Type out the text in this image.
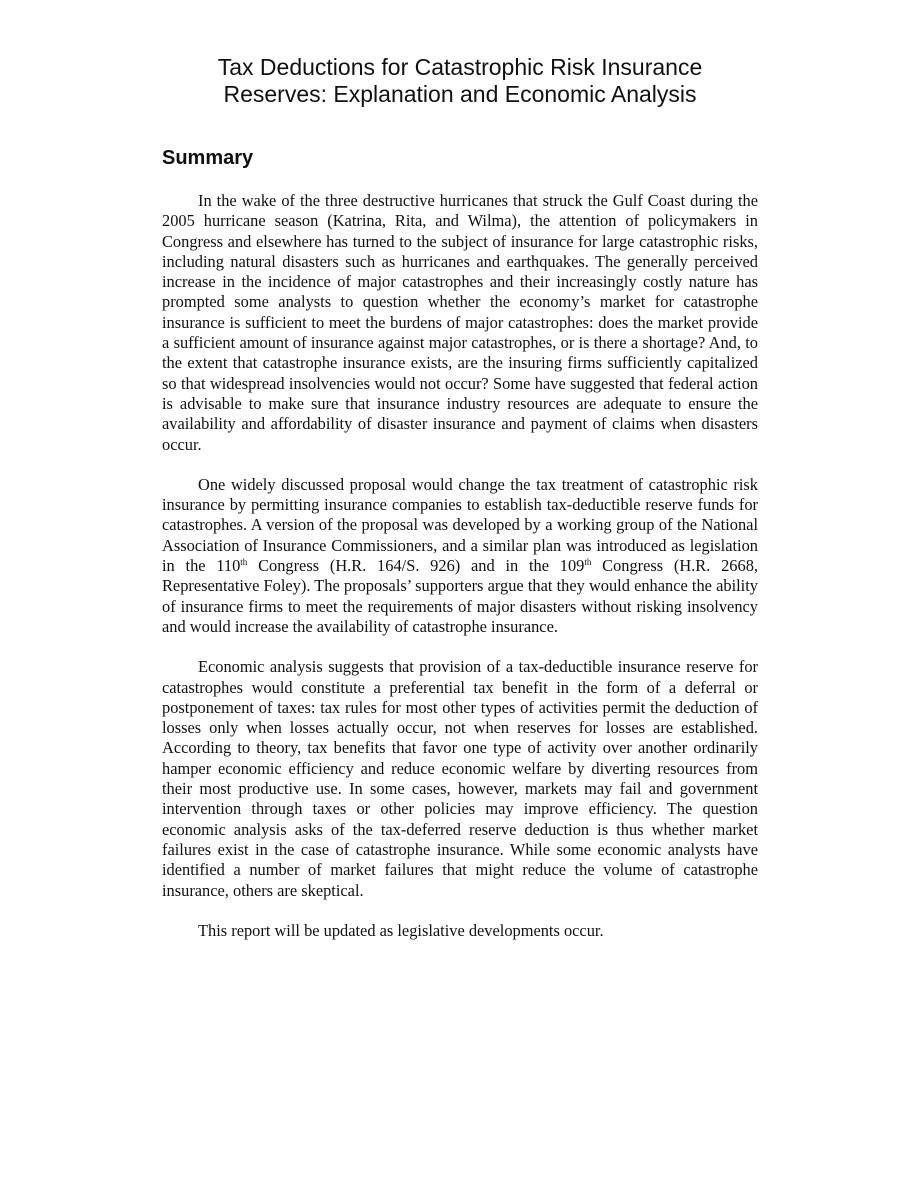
Tax Deductions for Catastrophic Risk Insurance
Reserves: Explanation and Economic Analysis
Summary

In the wake of the three destructive hurricanes that struck the Gulf Coast during the 2005 hurricane season (Katrina, Rita, and Wilma), the attention of policymakers in Congress and elsewhere has turned to the subject of insurance for large catastrophic risks, including natural disasters such as hurricanes and earthquakes. The generally perceived increase in the incidence of major catastrophes and their increasingly costly nature has prompted some analysts to question whether the economy’s market for catastrophe insurance is sufficient to meet the burdens of major catastrophes: does the market provide a sufficient amount of insurance against major catastrophes, or is there a shortage? And, to the extent that catastrophe insurance exists, are the insuring firms sufficiently capitalized so that widespread insolvencies would not occur? Some have suggested that federal action is advisable to make sure that insurance industry resources are adequate to ensure the availability and affordability of disaster insurance and payment of claims when disasters occur.

One widely discussed proposal would change the tax treatment of catastrophic risk insurance by permitting insurance companies to establish tax-deductible reserve funds for catastrophes. A version of the proposal was developed by a working group of the National Association of Insurance Commissioners, and a similar plan was introduced as legislation in the 110th Congress (H.R. 164/S. 926) and in the 109th Congress (H.R. 2668, Representative Foley). The proposals’ supporters argue that they would enhance the ability of insurance firms to meet the requirements of major disasters without risking insolvency and would increase the availability of catastrophe insurance.

Economic analysis suggests that provision of a tax-deductible insurance reserve for catastrophes would constitute a preferential tax benefit in the form of a deferral or postponement of taxes: tax rules for most other types of activities permit the deduction of losses only when losses actually occur, not when reserves for losses are established. According to theory, tax benefits that favor one type of activity over another ordinarily hamper economic efficiency and reduce economic welfare by diverting resources from their most productive use. In some cases, however, markets may fail and government intervention through taxes or other policies may improve efficiency. The question economic analysis asks of the tax-deferred reserve deduction is thus whether market failures exist in the case of catastrophe insurance. While some economic analysts have identified a number of market failures that might reduce the volume of catastrophe insurance, others are skeptical.

This report will be updated as legislative developments occur.
